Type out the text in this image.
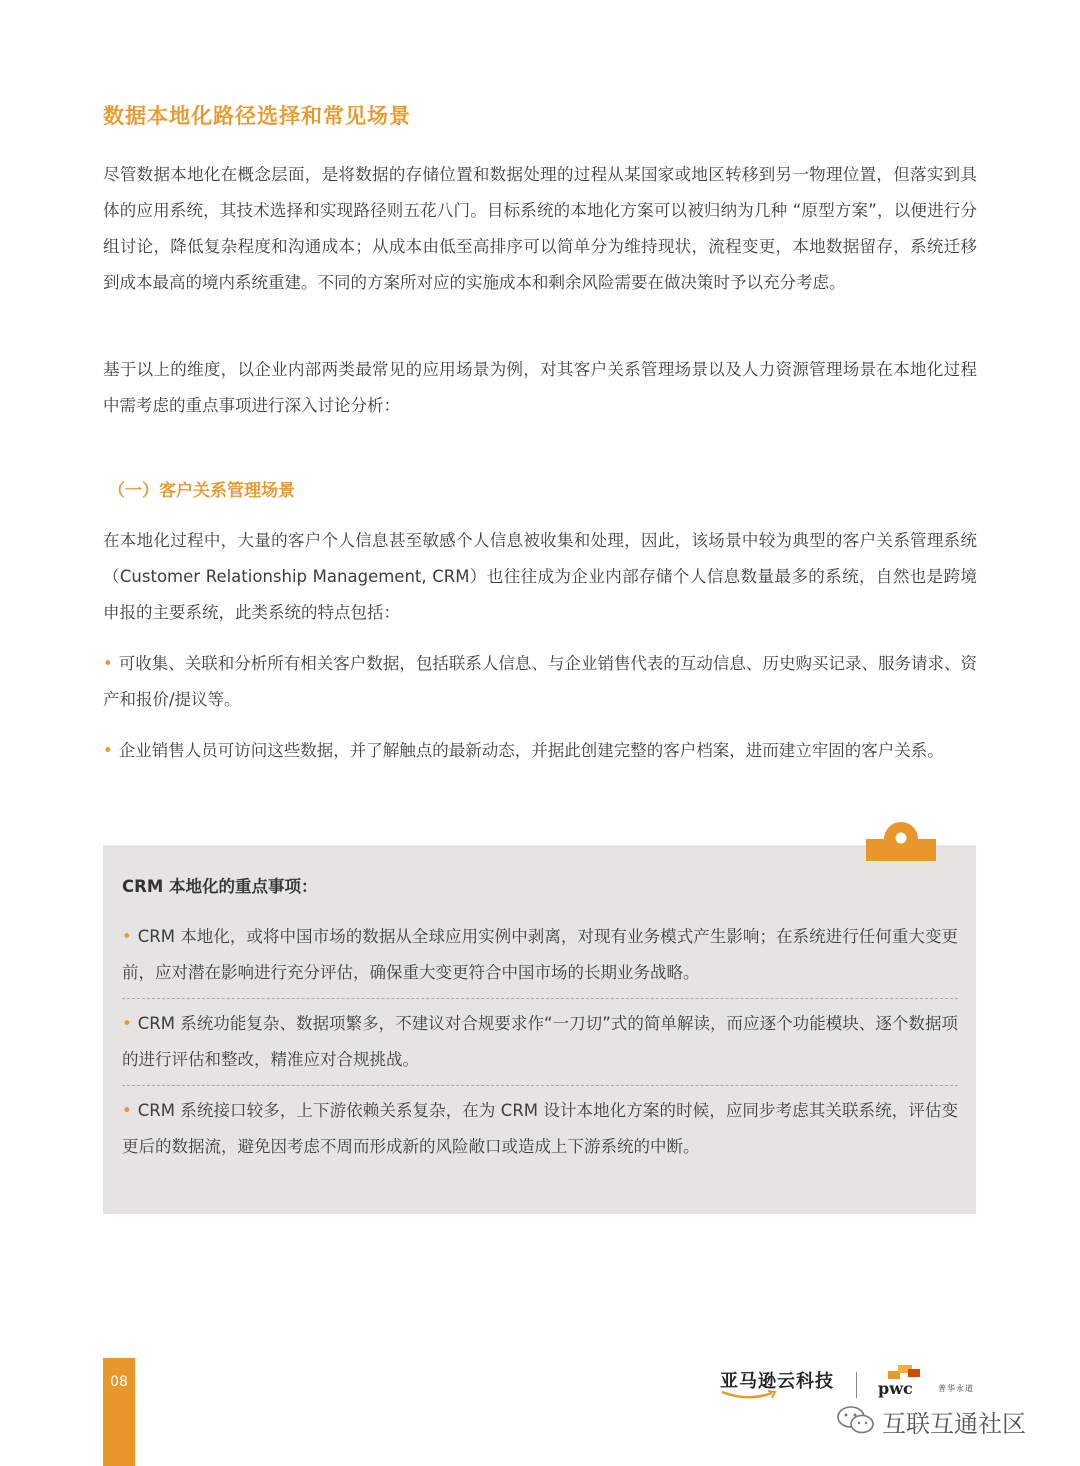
数据本地化路径选择和常见场景

尽管数据本地化在概念层面，是将数据的存储位置和数据处理的过程从某国家或地区转移到另一物理位置，但落实到具体的应用系统，其技术选择和实现路径则五花八门。目标系统的本地化方案可以被归纳为几种 “原型方案”，以便进行分组讨论，降低复杂程度和沟通成本；从成本由低至高排序可以简单分为维持现状，流程变更，本地数据留存，系统迁移到成本最高的境内系统重建。不同的方案所对应的实施成本和剩余风险需要在做决策时予以充分考虑。

基于以上的维度，以企业内部两类最常见的应用场景为例，对其客户关系管理场景以及人力资源管理场景在本地化过程中需考虑的重点事项进行深入讨论分析：

（一）客户关系管理场景

在本地化过程中，大量的客户个人信息甚至敏感个人信息被收集和处理，因此，该场景中较为典型的客户关系管理系统（Customer Relationship Management, CRM）也往往成为企业内部存储个人信息数量最多的系统，自然也是跨境申报的主要系统，此类系统的特点包括：

• 可收集、关联和分析所有相关客户数据，包括联系人信息、与企业销售代表的互动信息、历史购买记录、服务请求、资产和报价/提议等。
• 企业销售人员可访问这些数据，并了解触点的最新动态，并据此创建完整的客户档案，进而建立牢固的客户关系。
CRM 本地化的重点事项：
• CRM 本地化，或将中国市场的数据从全球应用实例中剥离，对现有业务模式产生影响；在系统进行任何重大变更前，应对潜在影响进行充分评估，确保重大变更符合中国市场的长期业务战略。
• CRM 系统功能复杂、数据项繁多，不建议对合规要求作“一刀切”式的简单解读，而应逐个功能模块、逐个数据项的进行评估和整改，精准应对合规挑战。
• CRM 系统接口较多，上下游依赖关系复杂，在为 CRM 设计本地化方案的时候，应同步考虑其关联系统，评估变更后的数据流，避免因考虑不周而形成新的风险敞口或造成上下游系统的中断。
08	亚马逊云科技	pwc	普华永道
互联互通社区
